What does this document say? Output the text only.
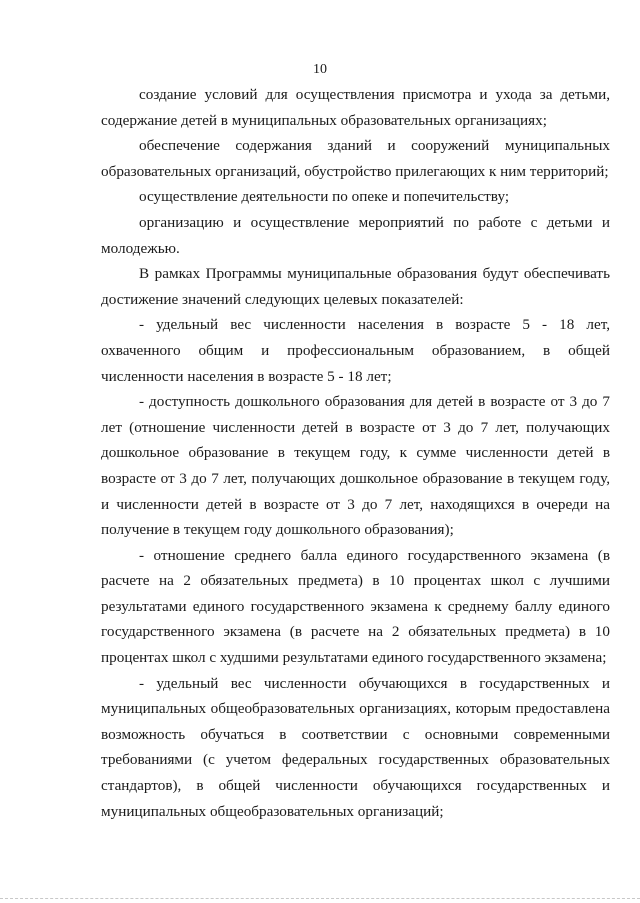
10

создание условий для осуществления присмотра и ухода за детьми, содержание детей в муниципальных образовательных организациях;

обеспечение содержания зданий и сооружений муниципальных образовательных организаций, обустройство прилегающих к ним территорий;

осуществление деятельности по опеке и попечительству;

организацию и осуществление мероприятий по работе с детьми и молодежью.

В рамках Программы муниципальные образования будут обеспечивать достижение значений следующих целевых показателей:

- удельный вес численности населения в возрасте 5 - 18 лет, охваченного общим и профессиональным образованием, в общей численности населения в возрасте 5 - 18 лет;

- доступность дошкольного образования для детей в возрасте от 3 до 7 лет (отношение численности детей в возрасте от 3 до 7 лет, получающих дошкольное образование в текущем году, к сумме численности детей в возрасте от 3 до 7 лет, получающих дошкольное образование в текущем году, и численности детей в возрасте от 3 до 7 лет, находящихся в очереди на получение в текущем году дошкольного образования);

- отношение среднего балла единого государственного экзамена (в расчете на 2 обязательных предмета) в 10 процентах школ с лучшими результатами единого государственного экзамена к среднему баллу единого государственного экзамена (в расчете на 2 обязательных предмета) в 10 процентах школ с худшими результатами единого государственного экзамена;

- удельный вес численности обучающихся в государственных и муниципальных общеобразовательных организациях, которым предоставлена возможность обучаться в соответствии с основными современными требованиями (с учетом федеральных государственных образовательных стандартов), в общей численности обучающихся государственных и муниципальных общеобразовательных организаций;
